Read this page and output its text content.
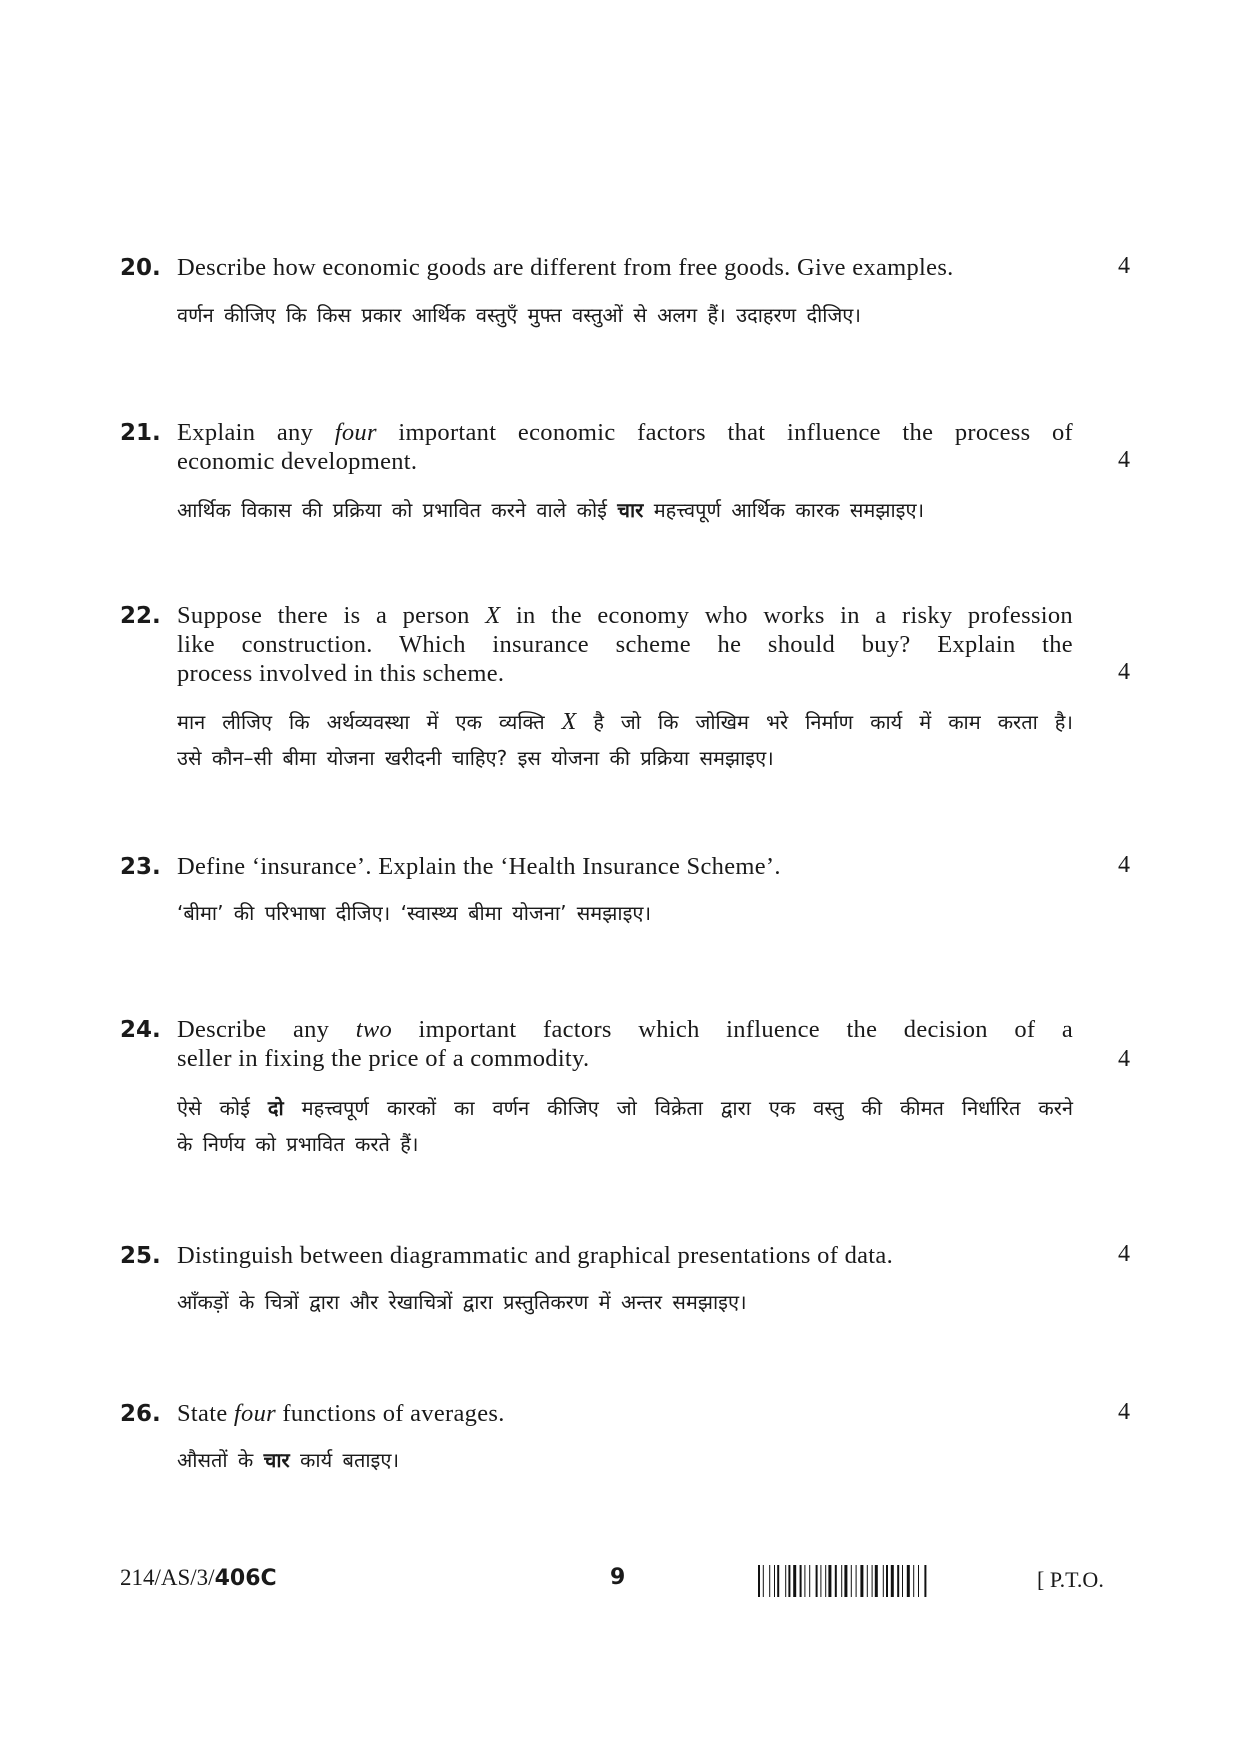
20. Describe how economic goods are different from free goods. Give examples.	4
वर्णन कीजिए कि किस प्रकार आर्थिक वस्तुएँ मुफ्त वस्तुओं से अलग हैं। उदाहरण दीजिए।
21. Explain any four important economic factors that influence the process of
economic development.	4
आर्थिक विकास की प्रक्रिया को प्रभावित करने वाले कोई चार महत्त्वपूर्ण आर्थिक कारक समझाइए।
22. Suppose there is a person X in the economy who works in a risky profession
like construction. Which insurance scheme he should buy? Explain the
process involved in this scheme.	4
मान लीजिए कि अर्थव्यवस्था में एक व्यक्ति X है जो कि जोखिम भरे निर्माण कार्य में काम करता है।
उसे कौन–सी बीमा योजना खरीदनी चाहिए? इस योजना की प्रक्रिया समझाइए।
23. Define ‘insurance’. Explain the ‘Health Insurance Scheme’.	4
‘बीमा’ की परिभाषा दीजिए। ‘स्वास्थ्य बीमा योजना’ समझाइए।
24. Describe any two important factors which influence the decision of a
seller in fixing the price of a commodity.	4
ऐसे कोई दो महत्त्वपूर्ण कारकों का वर्णन कीजिए जो विक्रेता द्वारा एक वस्तु की कीमत निर्धारित करने
के निर्णय को प्रभावित करते हैं।
25. Distinguish between diagrammatic and graphical presentations of data.	4
आँकड़ों के चित्रों द्वारा और रेखाचित्रों द्वारा प्रस्तुतिकरण में अन्तर समझाइए।
26. State four functions of averages.	4
औसतों के चार कार्य बताइए।
214/AS/3/406C	9	[ P.T.O.
